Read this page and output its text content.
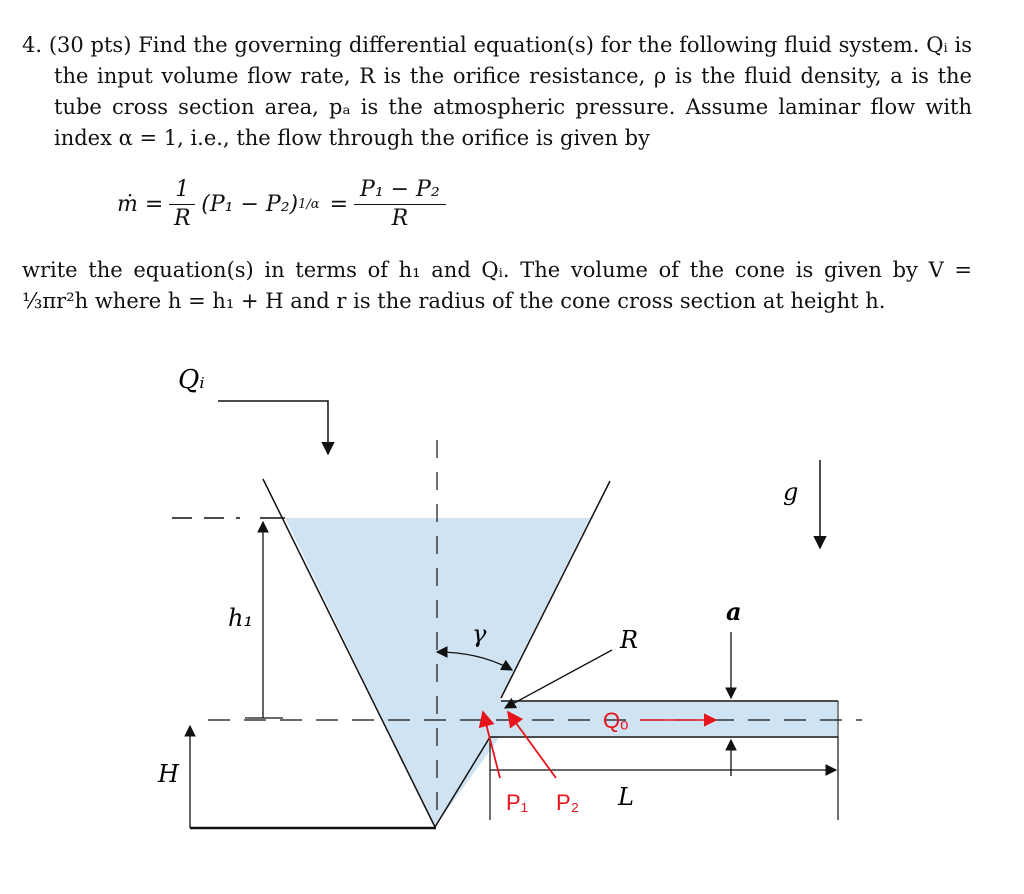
4. (30 pts) Find the governing differential equation(s) for the following fluid system. Qᵢ is the input volume flow rate, R is the orifice resistance, ρ is the fluid density, a is the tube cross section area, pₐ is the atmospheric pressure. Assume laminar flow with index α = 1, i.e., the flow through the orifice is given by

ṁ = $\frac{1}{R} (P_1 - P_2) 1/\alpha = \frac{\text{P₁ − P₂}}{R}$

write the equation(s) in terms of h₁ and Qᵢ. The volume of the cone is given by V = ⅓πr²h where h = h₁ + H and r is the radius of the cone cross section at height h.

Qᵢ
h₁
H
g
γ	R
a
L
Qₒ
P₁ P₂
